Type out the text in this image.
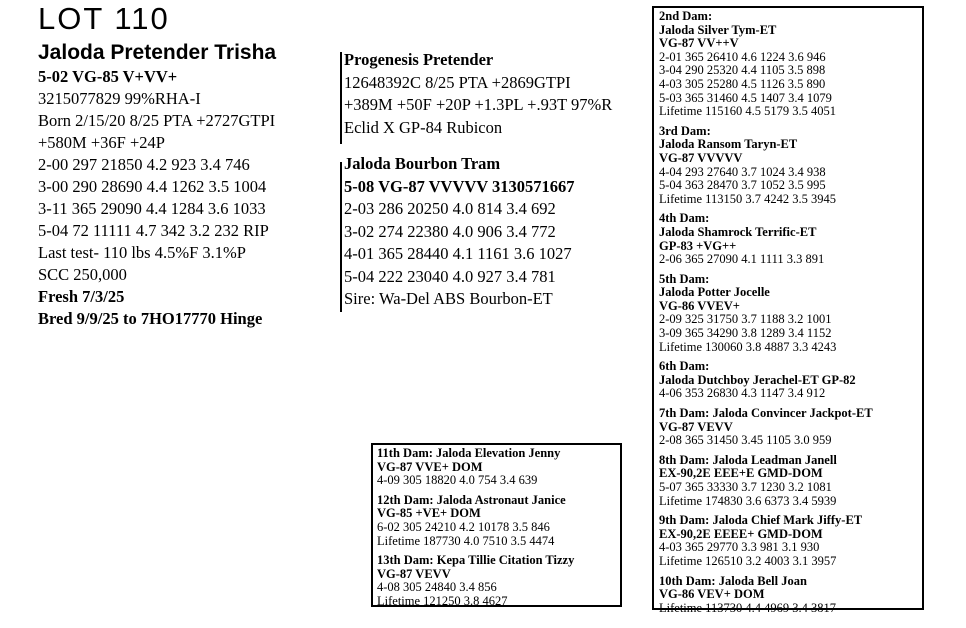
LOT 110
Jaloda Pretender Trisha
5-02 VG-85 V+VV+
3215077829 99%RHA-I
Born 2/15/20 8/25 PTA +2727GTPI
+580M +36F +24P
2-00 297 21850 4.2 923 3.4 746
3-00 290 28690 4.4 1262 3.5 1004
3-11 365 29090 4.4 1284 3.6 1033
5-04 72 11111 4.7 342 3.2 232 RIP
Last test- 110 lbs 4.5%F 3.1%P
SCC 250,000
Fresh 7/3/25
Bred 9/9/25 to 7HO17770 Hinge
Progenesis Pretender
12648392C 8/25 PTA +2869GTPI
+389M +50F +20P +1.3PL +.93T 97%R
Eclid X GP-84 Rubicon
Jaloda Bourbon Tram
5-08 VG-87 VVVVV 3130571667
2-03 286 20250 4.0 814 3.4 692
3-02 274 22380 4.0 906 3.4 772
4-01 365 28440 4.1 1161 3.6 1027
5-04 222 23040 4.0 927 3.4 781
Sire: Wa-Del ABS Bourbon-ET
2nd Dam:
Jaloda Silver Tym-ET
VG-87 VV++V
2-01 365 26410 4.6 1224 3.6 946
3-04 290 25320 4.4 1105 3.5 898
4-03 305 25280 4.5 1126 3.5 890
5-03 365 31460 4.5 1407 3.4 1079
Lifetime 115160 4.5 5179 3.5 4051
3rd Dam:
Jaloda Ransom Taryn-ET
VG-87 VVVVV
4-04 293 27640 3.7 1024 3.4 938
5-04 363 28470 3.7 1052 3.5 995
Lifetime 113150 3.7 4242 3.5 3945
4th Dam:
Jaloda Shamrock Terrific-ET
GP-83 +VG++
2-06 365 27090 4.1 1111 3.3 891
5th Dam:
Jaloda Potter Jocelle
VG-86 VVEV+
2-09 325 31750 3.7 1188 3.2 1001
3-09 365 34290 3.8 1289 3.4 1152
Lifetime 130060 3.8 4887 3.3 4243
6th Dam:
Jaloda Dutchboy Jerachel-ET GP-82
4-06 353 26830 4.3 1147 3.4 912
7th Dam: Jaloda Convincer Jackpot-ET
VG-87 VEVV
2-08 365 31450 3.45 1105 3.0 959
8th Dam: Jaloda Leadman Janell
EX-90,2E EEE+E GMD-DOM
5-07 365 33330 3.7 1230 3.2 1081
Lifetime 174830 3.6 6373 3.4 5939
9th Dam: Jaloda Chief Mark Jiffy-ET
EX-90,2E EEEE+ GMD-DOM
4-03 365 29770 3.3 981 3.1 930
Lifetime 126510 3.2 4003 3.1 3957
10th Dam: Jaloda Bell Joan
VG-86 VEV+ DOM
Lifetime 113730 4.4 4969 3.4 3817
11th Dam: Jaloda Elevation Jenny
VG-87 VVE+ DOM
4-09 305 18820 4.0 754 3.4 639
12th Dam: Jaloda Astronaut Janice
VG-85 +VE+ DOM
6-02 305 24210 4.2 10178 3.5 846
Lifetime 187730 4.0 7510 3.5 4474
13th Dam: Kepa Tillie Citation Tizzy
VG-87 VEVV
4-08 305 24840 3.4 856
Lifetime 121250 3.8 4627
